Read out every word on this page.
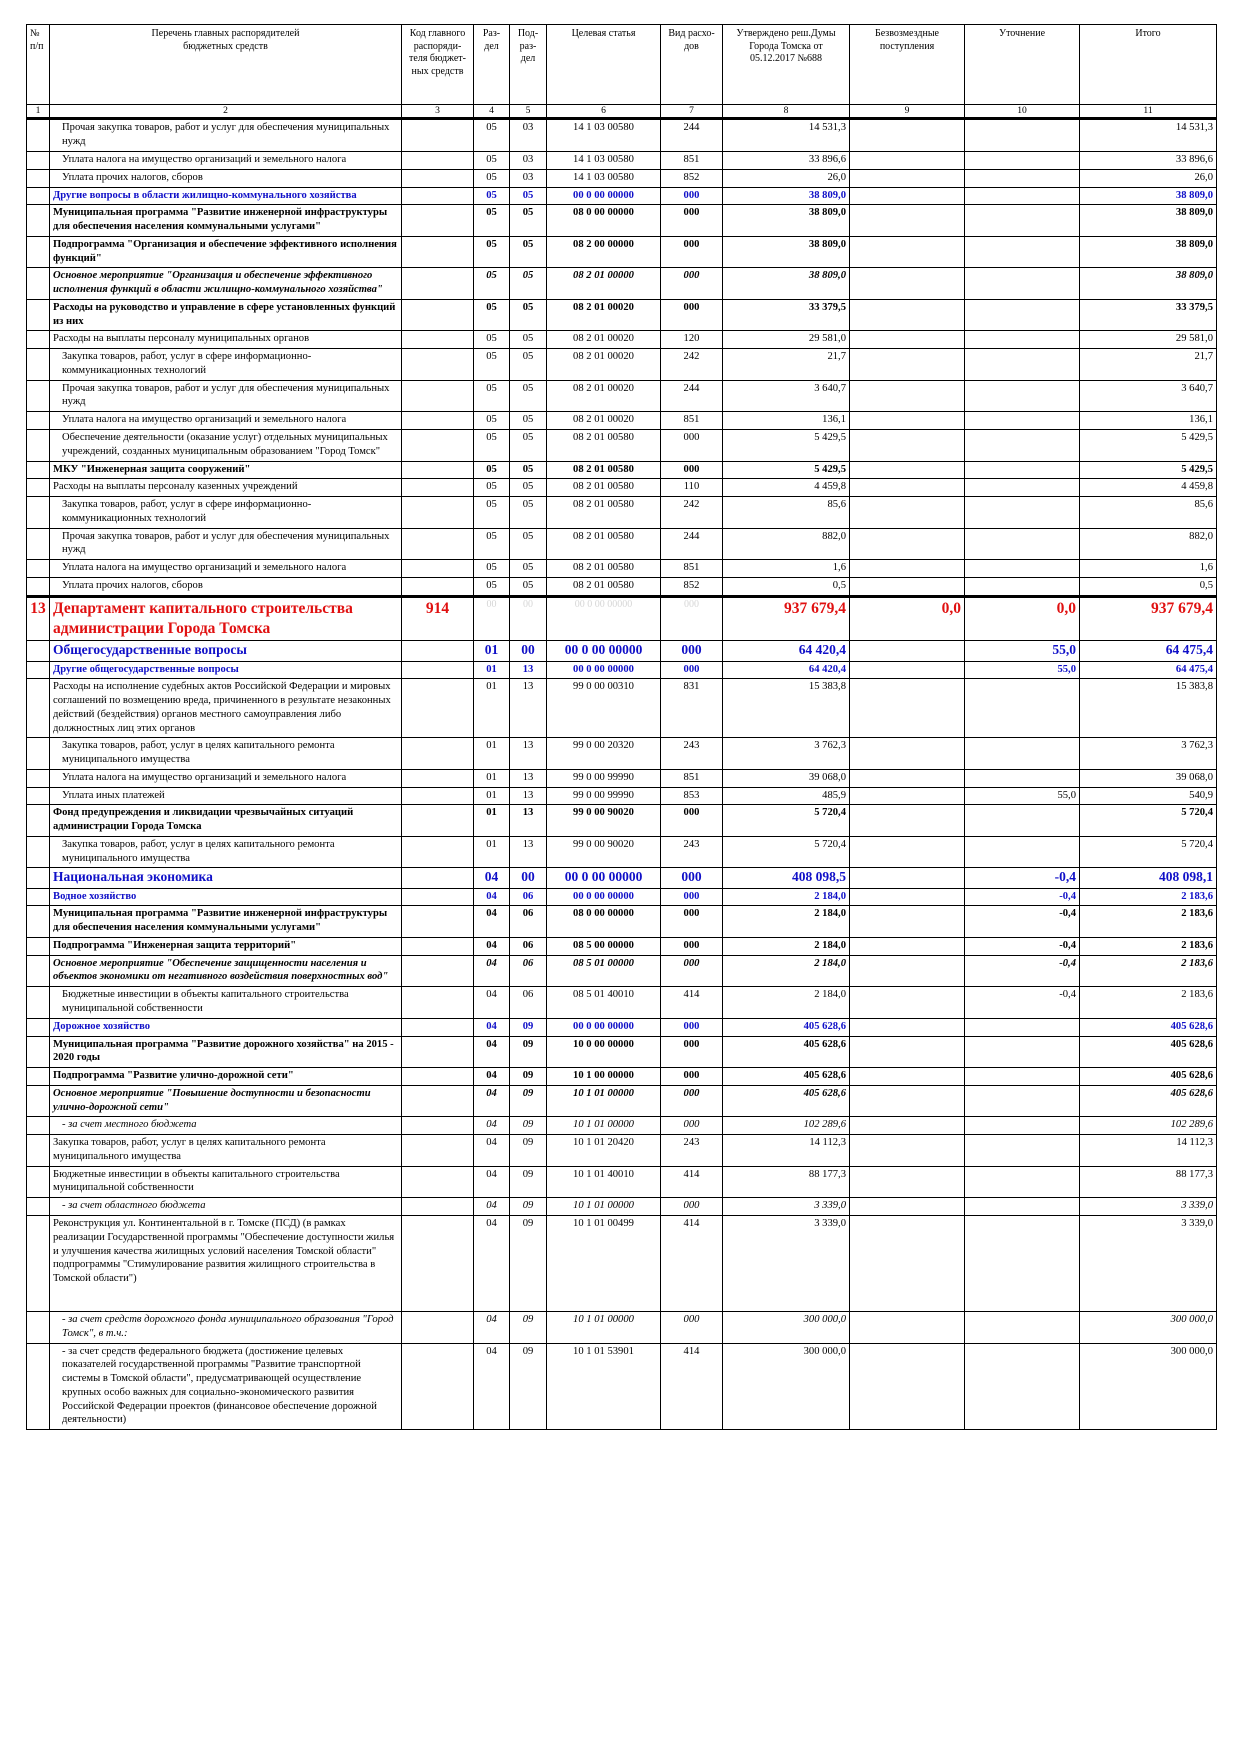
№
п/п	Перечень главных распорядителей
бюджетных средств	Код главного
распоряди-
теля бюджет-
ных средств	Раз-
дел	Под-
раз-
дел	Целевая статья	Вид расхо-
дов	Утверждено реш.Думы
Города Томска от
05.12.2017 №688	Безвозмездные
поступления	Уточнение	Итого
1	2	3	4	5	6	7	8	9	10	11
	Прочая закупка товаров, работ и услуг для обеспечения муниципальных нужд		05	03	14 1 03 00580	244	14 531,3			14 531,3
	Уплата налога на имущество организаций и земельного налога		05	03	14 1 03 00580	851	33 896,6			33 896,6
	Уплата прочих налогов, сборов		05	03	14 1 03 00580	852	26,0			26,0
	Другие вопросы в области жилищно-коммунального хозяйства		05	05	00 0 00 00000	000	38 809,0			38 809,0
	Муниципальная программа "Развитие инженерной инфраструктуры для обеспечения населения коммунальными услугами"		05	05	08 0 00 00000	000	38 809,0			38 809,0
	Подпрограмма "Организация и обеспечение эффективного исполнения функций"		05	05	08 2 00 00000	000	38 809,0			38 809,0
	Основное мероприятие "Организация и обеспечение эффективного исполнения функций в области жилищно-коммунального хозяйства"		05	05	08 2 01 00000	000	38 809,0			38 809,0
	Расходы на руководство и управление в сфере установленных функций из них		05	05	08 2 01 00020	000	33 379,5			33 379,5
	Расходы на выплаты персоналу муниципальных органов		05	05	08 2 01 00020	120	29 581,0			29 581,0
	Закупка товаров, работ, услуг в сфере информационно-коммуникационных технологий		05	05	08 2 01 00020	242	21,7			21,7
	Прочая закупка товаров, работ и услуг для обеспечения муниципальных нужд		05	05	08 2 01 00020	244	3 640,7			3 640,7
	Уплата налога на имущество организаций и земельного налога		05	05	08 2 01 00020	851	136,1			136,1
	Обеспечение деятельности (оказание услуг) отдельных муниципальных учреждений, созданных муниципальным образованием "Город Томск"		05	05	08 2 01 00580	000	5 429,5			5 429,5
	МКУ "Инженерная защита сооружений"		05	05	08 2 01 00580	000	5 429,5			5 429,5
	Расходы на выплаты персоналу казенных учреждений		05	05	08 2 01 00580	110	4 459,8			4 459,8
	Закупка товаров, работ, услуг в сфере информационно-коммуникационных технологий		05	05	08 2 01 00580	242	85,6			85,6
	Прочая закупка товаров, работ и услуг для обеспечения муниципальных нужд		05	05	08 2 01 00580	244	882,0			882,0
	Уплата налога на имущество организаций и земельного налога		05	05	08 2 01 00580	851	1,6			1,6
	Уплата прочих налогов, сборов		05	05	08 2 01 00580	852	0,5			0,5
13	Департамент капитального строительства администрации Города Томска	914	00	00	00 0 00 00000	000	937 679,4	0,0	0,0	937 679,4
	Общегосударственные вопросы		01	00	00 0 00 00000	000	64 420,4		55,0	64 475,4
	Другие общегосударственные вопросы		01	13	00 0 00 00000	000	64 420,4		55,0	64 475,4
	Расходы на исполнение судебных актов Российской Федерации и мировых соглашений по возмещению вреда, причиненного в результате незаконных действий (бездействия) органов местного самоуправления либо должностных лиц этих органов		01	13	99 0 00 00310	831	15 383,8			15 383,8
	Закупка товаров, работ, услуг в целях капитального ремонта муниципального имущества		01	13	99 0 00 20320	243	3 762,3			3 762,3
	Уплата налога на имущество организаций и земельного налога		01	13	99 0 00 99990	851	39 068,0			39 068,0
	Уплата иных платежей		01	13	99 0 00 99990	853	485,9		55,0	540,9
	Фонд предупреждения и ликвидации чрезвычайных ситуаций администрации Города Томска		01	13	99 0 00 90020	000	5 720,4			5 720,4
	Закупка товаров, работ, услуг в целях капитального ремонта муниципального имущества		01	13	99 0 00 90020	243	5 720,4			5 720,4
	Национальная экономика		04	00	00 0 00 00000	000	408 098,5		-0,4	408 098,1
	Водное хозяйство		04	06	00 0 00 00000	000	2 184,0		-0,4	2 183,6
	Муниципальная программа "Развитие инженерной инфраструктуры для обеспечения населения коммунальными услугами"		04	06	08 0 00 00000	000	2 184,0		-0,4	2 183,6
	Подпрограмма "Инженерная защита территорий"		04	06	08 5 00 00000	000	2 184,0		-0,4	2 183,6
	Основное мероприятие "Обеспечение защищенности населения и объектов экономики от негативного воздействия поверхностных вод"		04	06	08 5 01 00000	000	2 184,0		-0,4	2 183,6
	Бюджетные инвестиции в объекты капитального строительства муниципальной собственности		04	06	08 5 01 40010	414	2 184,0		-0,4	2 183,6
	Дорожное хозяйство		04	09	00 0 00 00000	000	405 628,6			405 628,6
	Муниципальная программа "Развитие дорожного хозяйства" на 2015 - 2020 годы		04	09	10 0 00 00000	000	405 628,6			405 628,6
	Подпрограмма "Развитие улично-дорожной сети"		04	09	10 1 00 00000	000	405 628,6			405 628,6
	Основное мероприятие "Повышение доступности и безопасности улично-дорожной сети"		04	09	10 1 01 00000	000	405 628,6			405 628,6
	- за счет местного бюджета		04	09	10 1 01 00000	000	102 289,6			102 289,6
	Закупка товаров, работ, услуг в целях капитального ремонта муниципального имущества		04	09	10 1 01 20420	243	14 112,3			14 112,3
	Бюджетные инвестиции в объекты капитального строительства муниципальной собственности		04	09	10 1 01 40010	414	88 177,3			88 177,3
	- за счет областного бюджета		04	09	10 1 01 00000	000	3 339,0			3 339,0
	Реконструкция ул. Континентальной в г. Томске (ПСД) (в рамках реализации Государственной программы "Обеспечение доступности жилья и улучшения качества жилищных условий населения Томской области" подпрограммы "Стимулирование развития жилищного строительства в Томской области")		04	09	10 1 01 00499	414	3 339,0			3 339,0
	- за счет средств дорожного фонда муниципального образования "Город Томск", в т.ч.:		04	09	10 1 01 00000	000	300 000,0			300 000,0
	- за счет средств федерального бюджета (достижение целевых показателей государственной программы "Развитие транспортной системы в Томской области", предусматривающей осуществление крупных особо важных для социально-экономического развития Российской Федерации проектов (финансовое обеспечение дорожной деятельности)		04	09	10 1 01 53901	414	300 000,0			300 000,0
